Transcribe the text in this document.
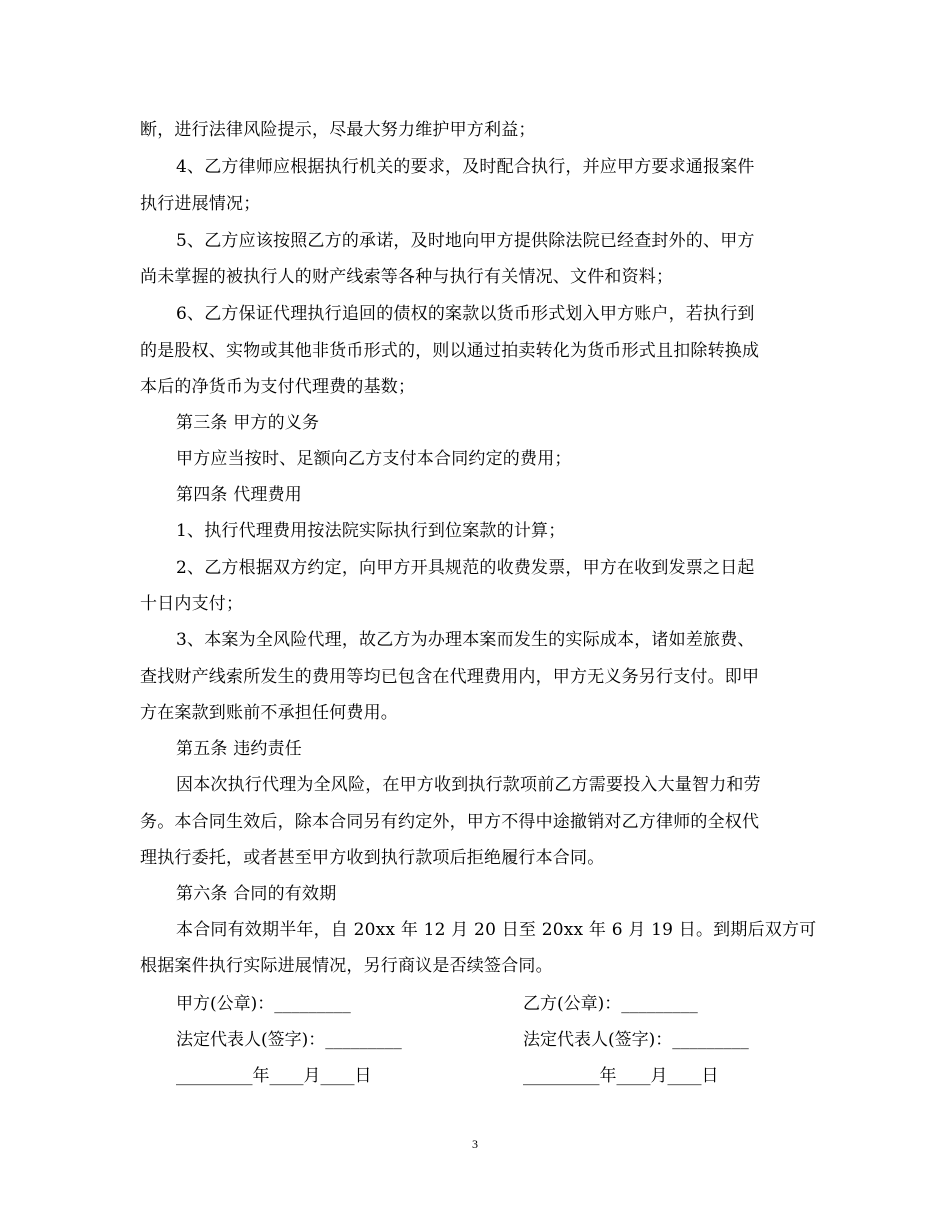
断，进行法律风险提示，尽最大努力维护甲方利益；
4、乙方律师应根据执行机关的要求，及时配合执行，并应甲方要求通报案件
执行进展情况；
5、乙方应该按照乙方的承诺，及时地向甲方提供除法院已经查封外的、甲方
尚未掌握的被执行人的财产线索等各种与执行有关情况、文件和资料；
6、乙方保证代理执行追回的债权的案款以货币形式划入甲方账户，若执行到
的是股权、实物或其他非货币形式的，则以通过拍卖转化为货币形式且扣除转换成
本后的净货币为支付代理费的基数；
第三条 甲方的义务
甲方应当按时、足额向乙方支付本合同约定的费用；
第四条 代理费用
1、执行代理费用按法院实际执行到位案款的计算；
2、乙方根据双方约定，向甲方开具规范的收费发票，甲方在收到发票之日起
十日内支付；
3、本案为全风险代理，故乙方为办理本案而发生的实际成本，诸如差旅费、
查找财产线索所发生的费用等均已包含在代理费用内，甲方无义务另行支付。即甲
方在案款到账前不承担任何费用。
第五条 违约责任
因本次执行代理为全风险，在甲方收到执行款项前乙方需要投入大量智力和劳
务。本合同生效后，除本合同另有约定外，甲方不得中途撤销对乙方律师的全权代
理执行委托，或者甚至甲方收到执行款项后拒绝履行本合同。
第六条 合同的有效期
本合同有效期半年，自 20xx 年 12 月 20 日至 20xx 年 6 月 19 日。到期后双方可
根据案件执行实际进展情况，另行商议是否续签合同。
甲方(公章)：_________	乙方(公章)：_________
法定代表人(签字)：_________	法定代表人(签字)：_________
_________年____月____日	_________年____月____日
3
